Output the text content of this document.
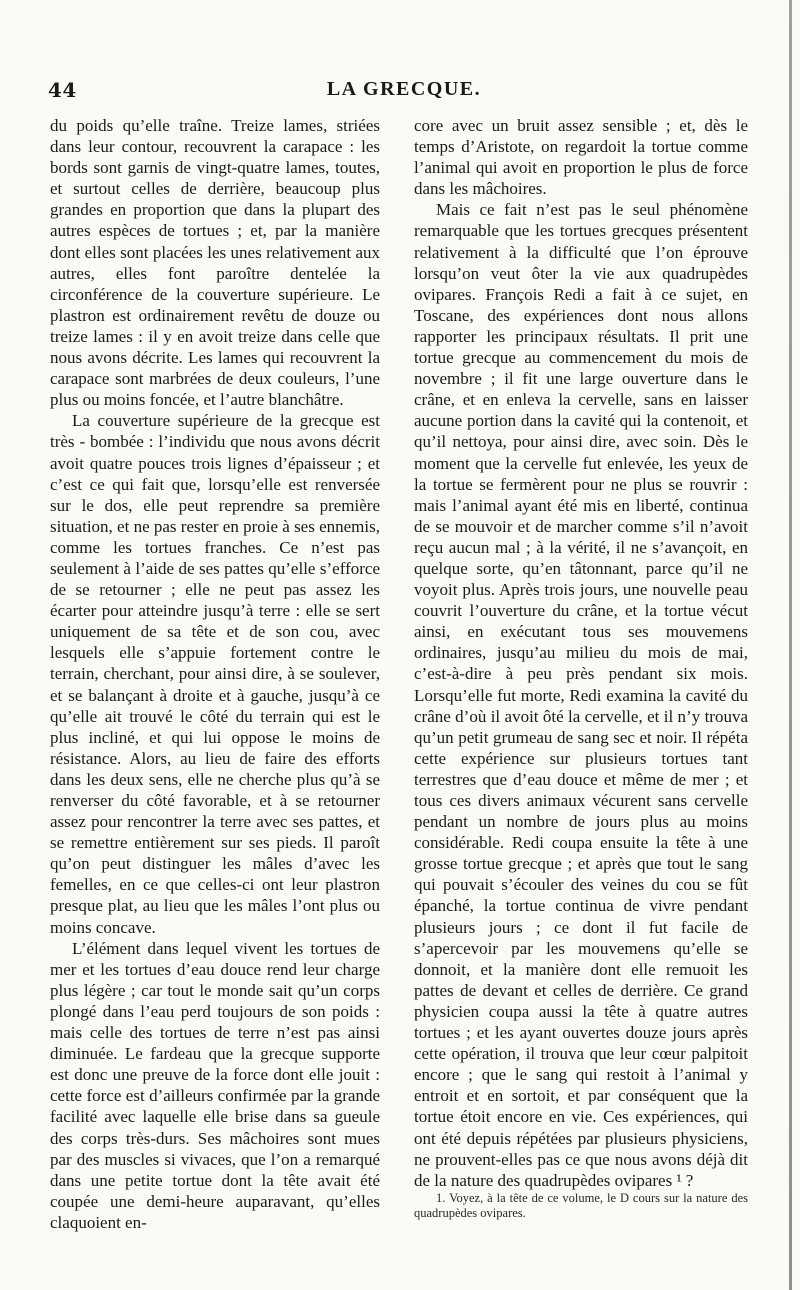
44	LA GRECQUE.

du poids qu’elle traîne. Treize lames, striées dans leur contour, recouvrent la carapace : les bords sont garnis de vingt-quatre lames, toutes, et surtout celles de derrière, beaucoup plus grandes en proportion que dans la plupart des autres espèces de tortues ; et, par la manière dont elles sont placées les unes relativement aux autres, elles font paroître dentelée la circonférence de la couverture supérieure. Le plastron est ordinairement revêtu de douze ou treize lames : il y en avoit treize dans celle que nous avons décrite. Les lames qui recouvrent la carapace sont marbrées de deux couleurs, l’une plus ou moins foncée, et l’autre blanchâtre.

La couverture supérieure de la grecque est très - bombée : l’individu que nous avons décrit avoit quatre pouces trois lignes d’épaisseur ; et c’est ce qui fait que, lorsqu’elle est renversée sur le dos, elle peut reprendre sa première situation, et ne pas rester en proie à ses ennemis, comme les tortues franches. Ce n’est pas seulement à l’aide de ses pattes qu’elle s’efforce de se retourner ; elle ne peut pas assez les écarter pour atteindre jusqu’à terre : elle se sert uniquement de sa tête et de son cou, avec lesquels elle s’appuie fortement contre le terrain, cherchant, pour ainsi dire, à se soulever, et se balançant à droite et à gauche, jusqu’à ce qu’elle ait trouvé le côté du terrain qui est le plus incliné, et qui lui oppose le moins de résistance. Alors, au lieu de faire des efforts dans les deux sens, elle ne cherche plus qu’à se renverser du côté favorable, et à se retourner assez pour rencontrer la terre avec ses pattes, et se remettre entièrement sur ses pieds. Il paroît qu’on peut distinguer les mâles d’avec les femelles, en ce que celles-ci ont leur plastron presque plat, au lieu que les mâles l’ont plus ou moins concave.

L’élément dans lequel vivent les tortues de mer et les tortues d’eau douce rend leur charge plus légère ; car tout le monde sait qu’un corps plongé dans l’eau perd toujours de son poids : mais celle des tortues de terre n’est pas ainsi diminuée. Le fardeau que la grecque supporte est donc une preuve de la force dont elle jouit : cette force est d’ailleurs confirmée par la grande facilité avec laquelle elle brise dans sa gueule des corps très-durs. Ses mâchoires sont mues par des muscles si vivaces, que l’on a remarqué dans une petite tortue dont la tête avait été coupée une demi-heure auparavant, qu’elles claquoient en-

core avec un bruit assez sensible ; et, dès le temps d’Aristote, on regardoit la tortue comme l’animal qui avoit en proportion le plus de force dans les mâchoires.

Mais ce fait n’est pas le seul phénomène remarquable que les tortues grecques présentent relativement à la difficulté que l’on éprouve lorsqu’on veut ôter la vie aux quadrupèdes ovipares. François Redi a fait à ce sujet, en Toscane, des expériences dont nous allons rapporter les principaux résultats. Il prit une tortue grecque au commencement du mois de novembre ; il fit une large ouverture dans le crâne, et en enleva la cervelle, sans en laisser aucune portion dans la cavité qui la contenoit, et qu’il nettoya, pour ainsi dire, avec soin. Dès le moment que la cervelle fut enlevée, les yeux de la tortue se fermèrent pour ne plus se rouvrir : mais l’animal ayant été mis en liberté, continua de se mouvoir et de marcher comme s’il n’avoit reçu aucun mal ; à la vérité, il ne s’avançoit, en quelque sorte, qu’en tâtonnant, parce qu’il ne voyoit plus. Après trois jours, une nouvelle peau couvrit l’ouverture du crâne, et la tortue vécut ainsi, en exécutant tous ses mouvemens ordinaires, jusqu’au milieu du mois de mai, c’est-à-dire à peu près pendant six mois. Lorsqu’elle fut morte, Redi examina la cavité du crâne d’où il avoit ôté la cervelle, et il n’y trouva qu’un petit grumeau de sang sec et noir. Il répéta cette expérience sur plusieurs tortues tant terrestres que d’eau douce et même de mer ; et tous ces divers animaux vécurent sans cervelle pendant un nombre de jours plus au moins considérable. Redi coupa ensuite la tête à une grosse tortue grecque ; et après que tout le sang qui pouvait s’écouler des veines du cou se fût épanché, la tortue continua de vivre pendant plusieurs jours ; ce dont il fut facile de s’apercevoir par les mouvemens qu’elle se donnoit, et la manière dont elle remuoit les pattes de devant et celles de derrière. Ce grand physicien coupa aussi la tête à quatre autres tortues ; et les ayant ouvertes douze jours après cette opération, il trouva que leur cœur palpitoit encore ; que le sang qui restoit à l’animal y entroit et en sortoit, et par conséquent que la tortue étoit encore en vie. Ces expériences, qui ont été depuis répétées par plusieurs physiciens, ne prouvent-elles pas ce que nous avons déjà dit de la nature des quadrupèdes ovipares ¹ ?

1. Voyez, à la tête de ce volume, le D cours sur la nature des quadrupèdes ovipares.
